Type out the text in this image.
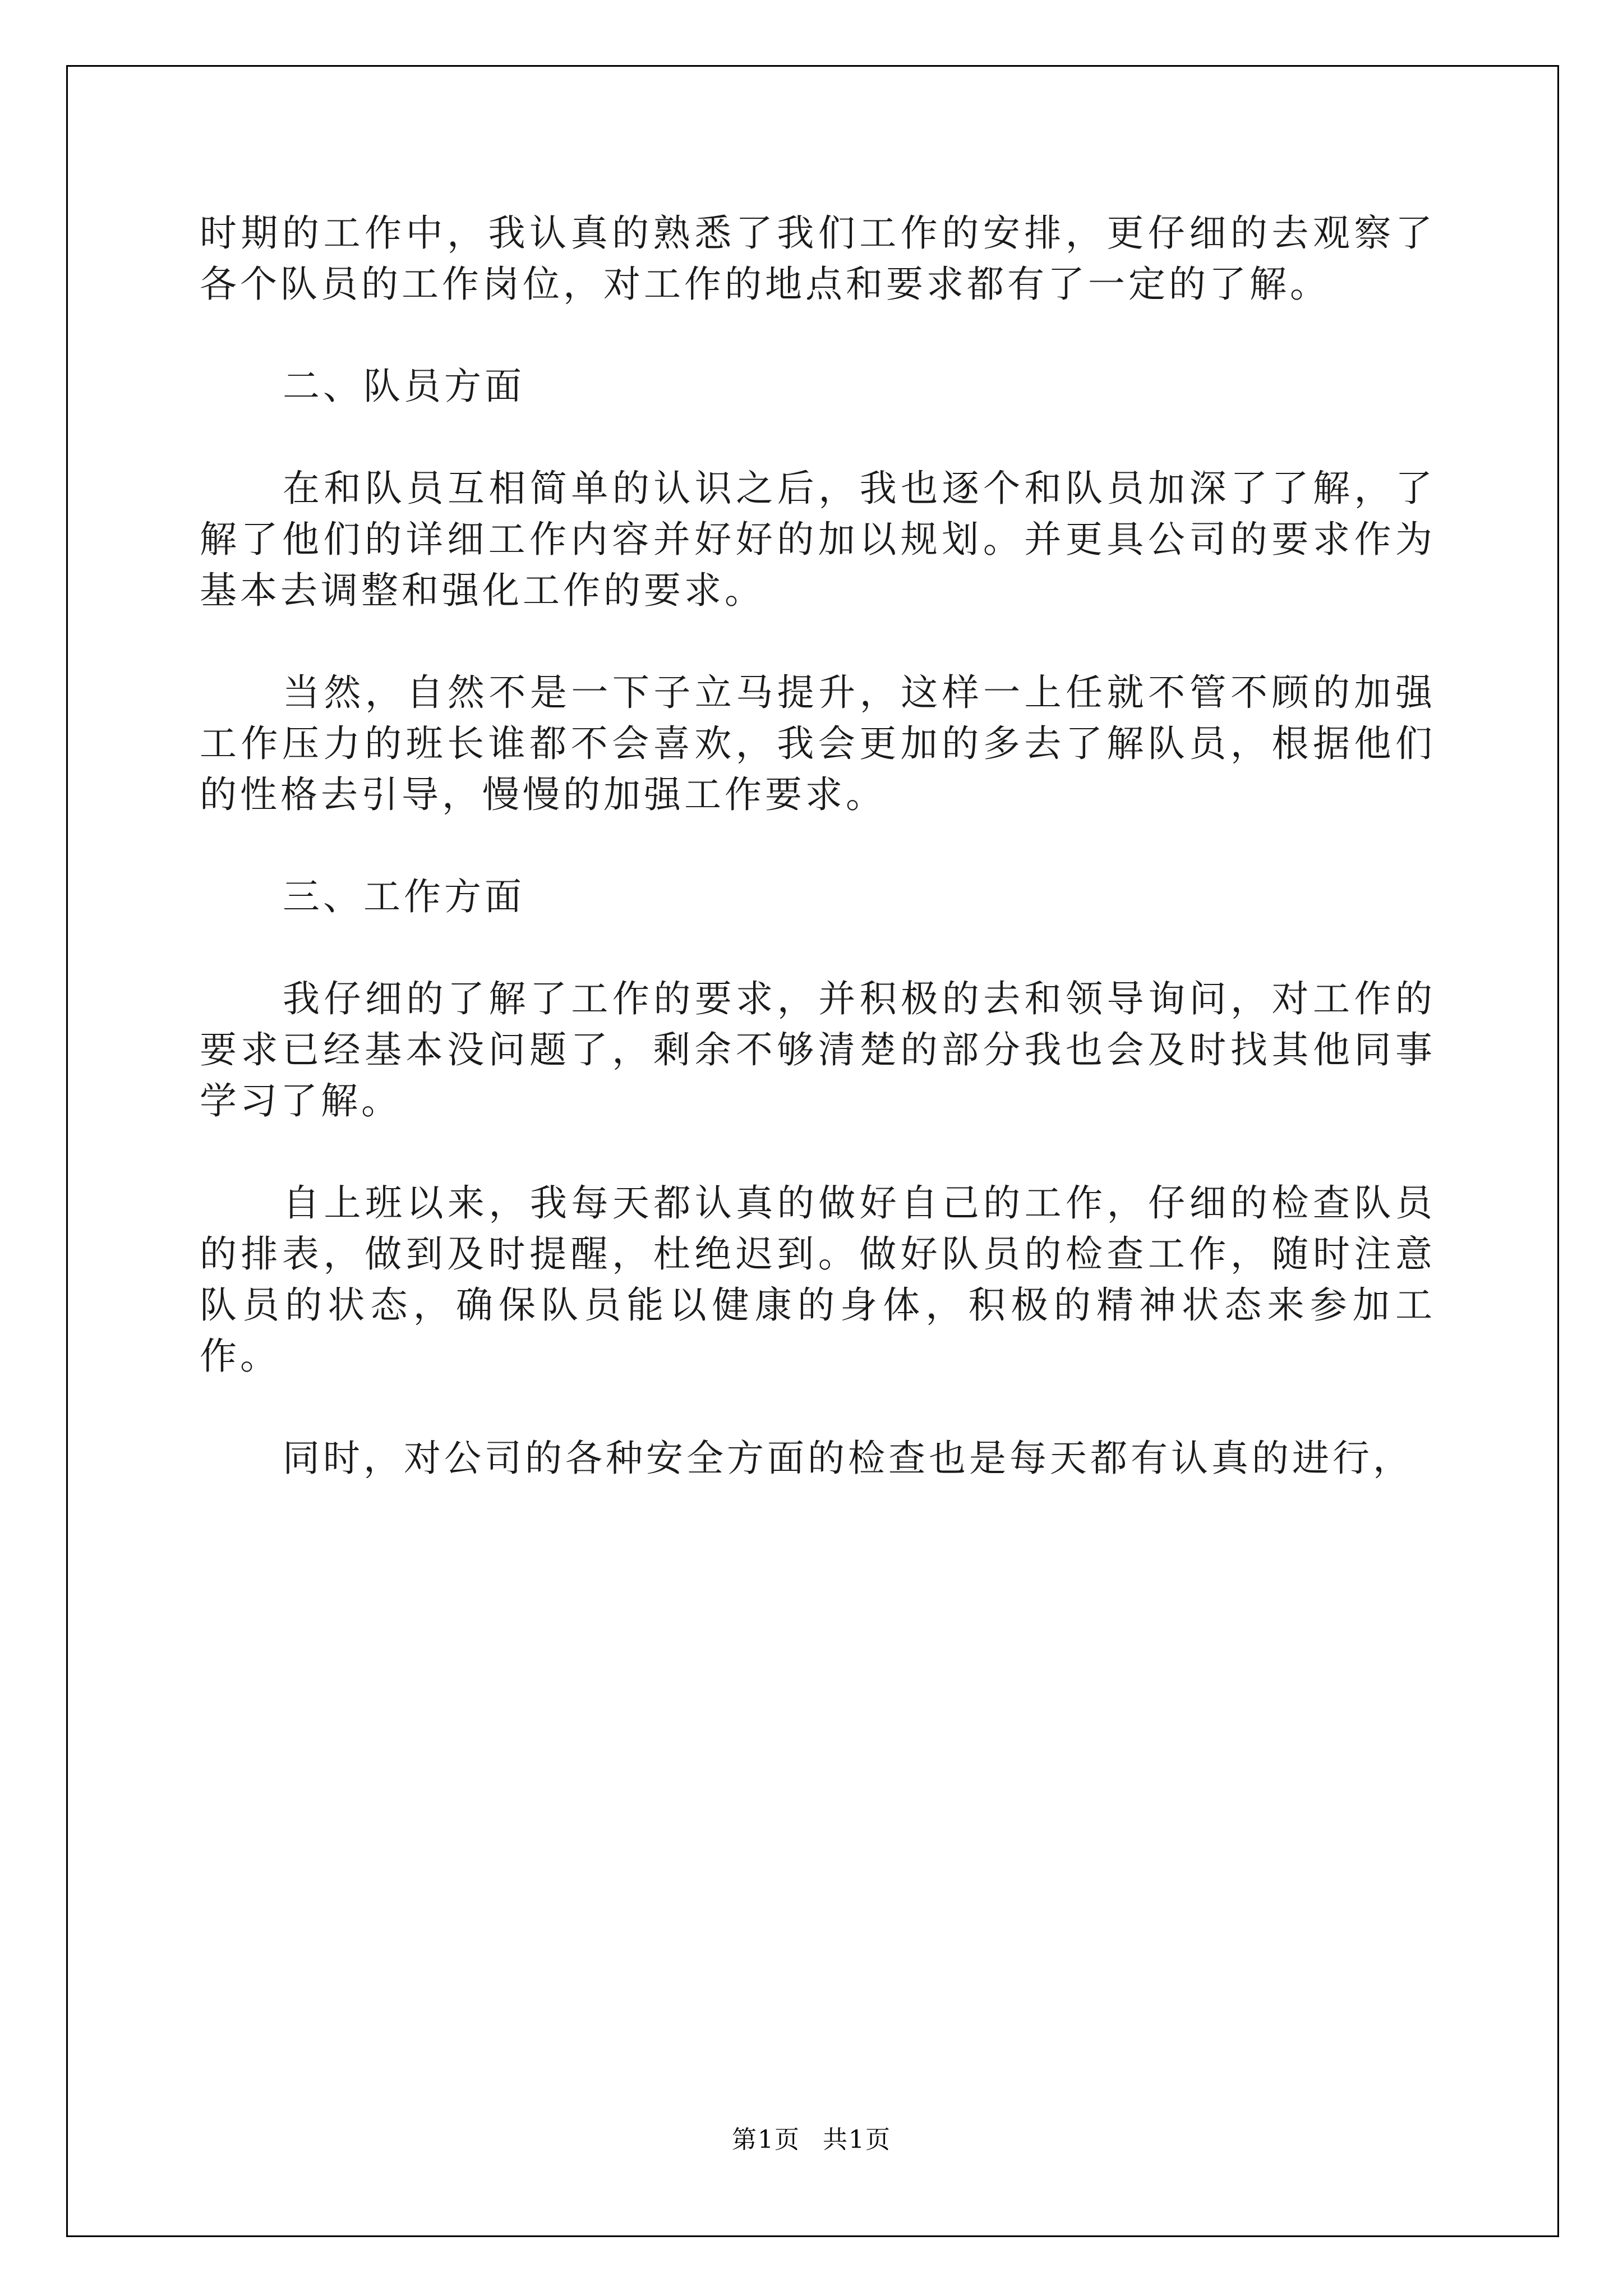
时期的工作中，我认真的熟悉了我们工作的安排，更仔细的去观察了各个队员的工作岗位，对工作的地点和要求都有了一定的了解。

二、队员方面

在和队员互相简单的认识之后，我也逐个和队员加深了了解，了解了他们的详细工作内容并好好的加以规划。并更具公司的要求作为基本去调整和强化工作的要求。

当然，自然不是一下子立马提升，这样一上任就不管不顾的加强工作压力的班长谁都不会喜欢，我会更加的多去了解队员，根据他们的性格去引导，慢慢的加强工作要求。

三、工作方面

我仔细的了解了工作的要求，并积极的去和领导询问，对工作的要求已经基本没问题了，剩余不够清楚的部分我也会及时找其他同事学习了解。

自上班以来，我每天都认真的做好自己的工作，仔细的检查队员的排表，做到及时提醒，杜绝迟到。做好队员的检查工作，随时注意队员的状态，确保队员能以健康的身体，积极的精神状态来参加工作。

同时，对公司的各种安全方面的检查也是每天都有认真的进行，

第1页 共1页
